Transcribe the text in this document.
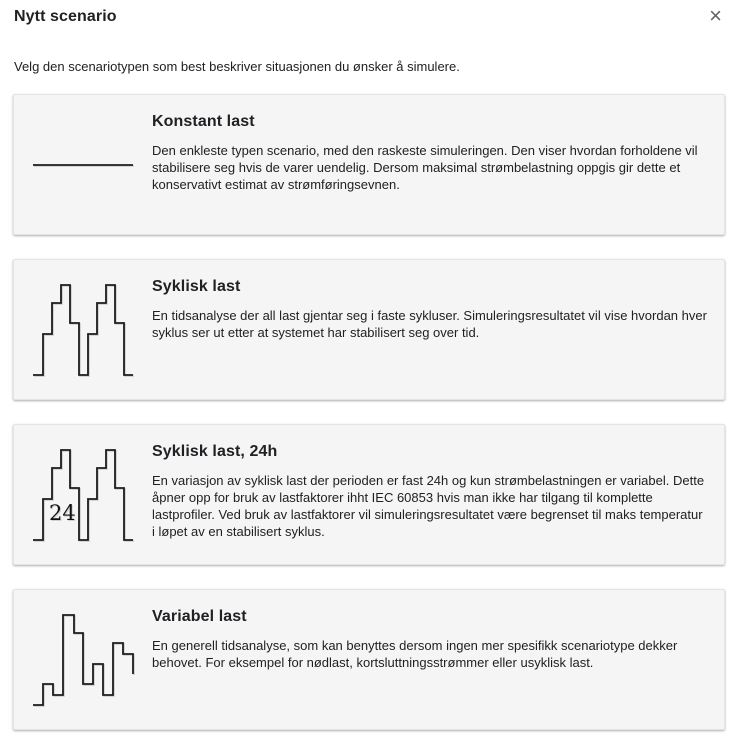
Nytt scenario	×

Velg den scenariotypen som best beskriver situasjonen du ønsker å simulere.

Konstant last

Den enkleste typen scenario, med den raskeste simuleringen. Den viser hvordan forholdene vil stabilisere seg hvis de varer uendelig. Dersom maksimal strømbelastning oppgis gir dette et konservativt estimat av strømføringsevnen.

Syklisk last

En tidsanalyse der all last gjentar seg i faste sykluser. Simuleringsresultatet vil vise hvordan hver syklus ser ut etter at systemet har stabilisert seg over tid.

24
Syklisk last, 24h

En variasjon av syklisk last der perioden er fast 24h og kun strømbelastningen er variabel. Dette åpner opp for bruk av lastfaktorer ihht IEC 60853 hvis man ikke har tilgang til komplette lastprofiler. Ved bruk av lastfaktorer vil simuleringsresultatet være begrenset til maks temperatur i løpet av en stabilisert syklus.

Variabel last

En generell tidsanalyse, som kan benyttes dersom ingen mer spesifikk scenariotype dekker behovet. For eksempel for nødlast, kortsluttningsstrømmer eller usyklisk last.
